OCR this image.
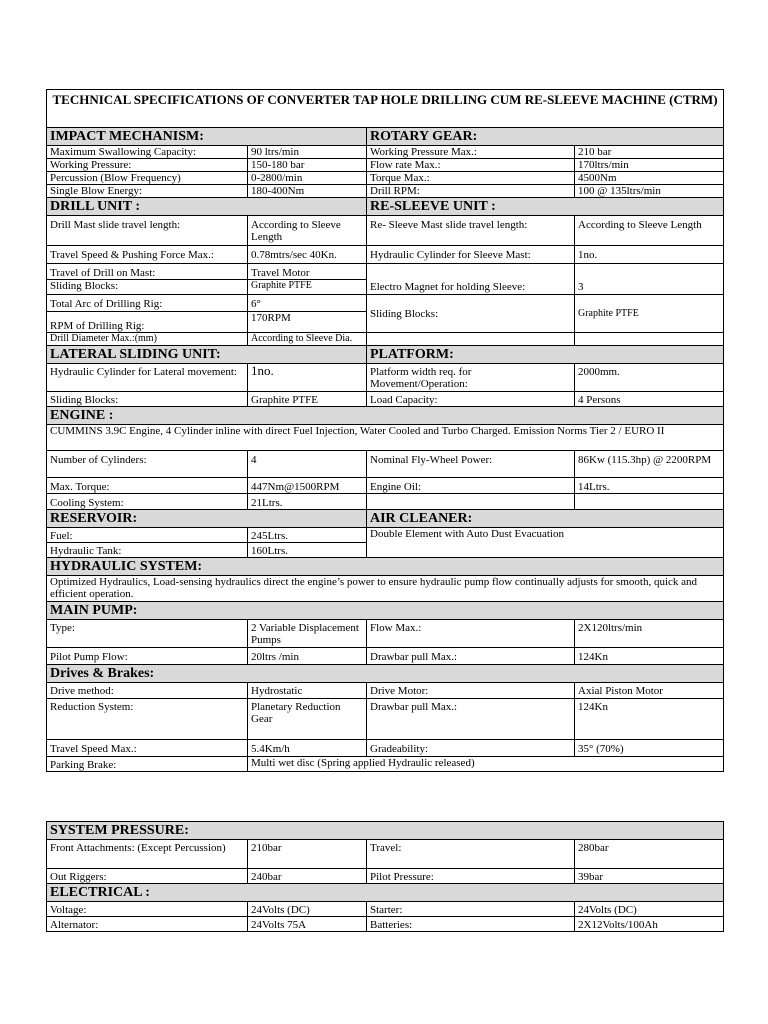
TECHNICAL SPECIFICATIONS OF CONVERTER TAP HOLE DRILLING CUM RE-SLEEVE MACHINE (CTRM)			
IMPACT MECHANISM:		ROTARY GEAR:	
Maximum Swallowing Capacity:	90 ltrs/min	Working Pressure Max.:	210 bar
Working Pressure:	150-180 bar	Flow rate Max.:	170ltrs/min
Percussion (Blow Frequency)	0-2800/min	Torque Max.:	4500Nm
Single Blow Energy:	180-400Nm	Drill RPM:	100 @ 135ltrs/min
DRILL UNIT :		RE-SLEEVE UNIT :	
Drill Mast slide travel length:	According to Sleeve Length	Re- Sleeve Mast slide travel length:	According to Sleeve Length
Travel Speed & Pushing Force Max.:	0.78mtrs/sec 40Kn.	Hydraulic Cylinder for Sleeve Mast:	1no.
Travel of Drill on Mast:	Travel Motor	Electro Magnet for holding Sleeve:	3
Sliding Blocks:	Graphite PTFE		
Total Arc of Drilling Rig:	6°	Sliding Blocks:	Graphite PTFE
RPM of Drilling Rig:	170RPM		
Drill Diameter Max.:(mm)	According to Sleeve Dia.		
LATERAL SLIDING UNIT:		PLATFORM:	
Hydraulic Cylinder for Lateral movement:	1no.	Platform width req. for Movement/Operation:	2000mm.
Sliding Blocks:	Graphite PTFE	Load Capacity:	4 Persons
ENGINE :			
CUMMINS 3.9C Engine, 4 Cylinder inline with direct Fuel Injection, Water Cooled and Turbo Charged. Emission Norms Tier 2 / EURO II			
Number of Cylinders:	4	Nominal Fly-Wheel Power:	86Kw (115.3hp) @ 2200RPM
Max. Torque:	447Nm@1500RPM	Engine Oil:	14Ltrs.
Cooling System:	21Ltrs.		
RESERVOIR:		AIR CLEANER:	
Fuel:	245Ltrs.	Double Element with Auto Dust Evacuation	
Hydraulic Tank:	160Ltrs.		
HYDRAULIC SYSTEM:			
Optimized Hydraulics, Load-sensing hydraulics direct the engine’s power to ensure hydraulic pump flow continually adjusts for smooth, quick and efficient operation.			
MAIN PUMP:			
Type:	2 Variable Displacement Pumps	Flow Max.:	2X120ltrs/min
Pilot Pump Flow:	20ltrs /min	Drawbar pull Max.:	124Kn
Drives & Brakes:			
Drive method:	Hydrostatic	Drive Motor:	Axial Piston Motor
Reduction System:	Planetary Reduction Gear	Drawbar pull Max.:	124Kn
Travel Speed Max.:	5.4Km/h	Gradeability:	35° (70%)
Parking Brake:	Multi wet disc (Spring applied Hydraulic released)		
SYSTEM PRESSURE:			
Front Attachments: (Except Percussion)	210bar	Travel:	280bar
Out Riggers:	240bar	Pilot Pressure:	39bar
ELECTRICAL :			
Voltage:	24Volts (DC)	Starter:	24Volts (DC)
Alternator:	24Volts 75A	Batteries:	2X12Volts/100Ah
